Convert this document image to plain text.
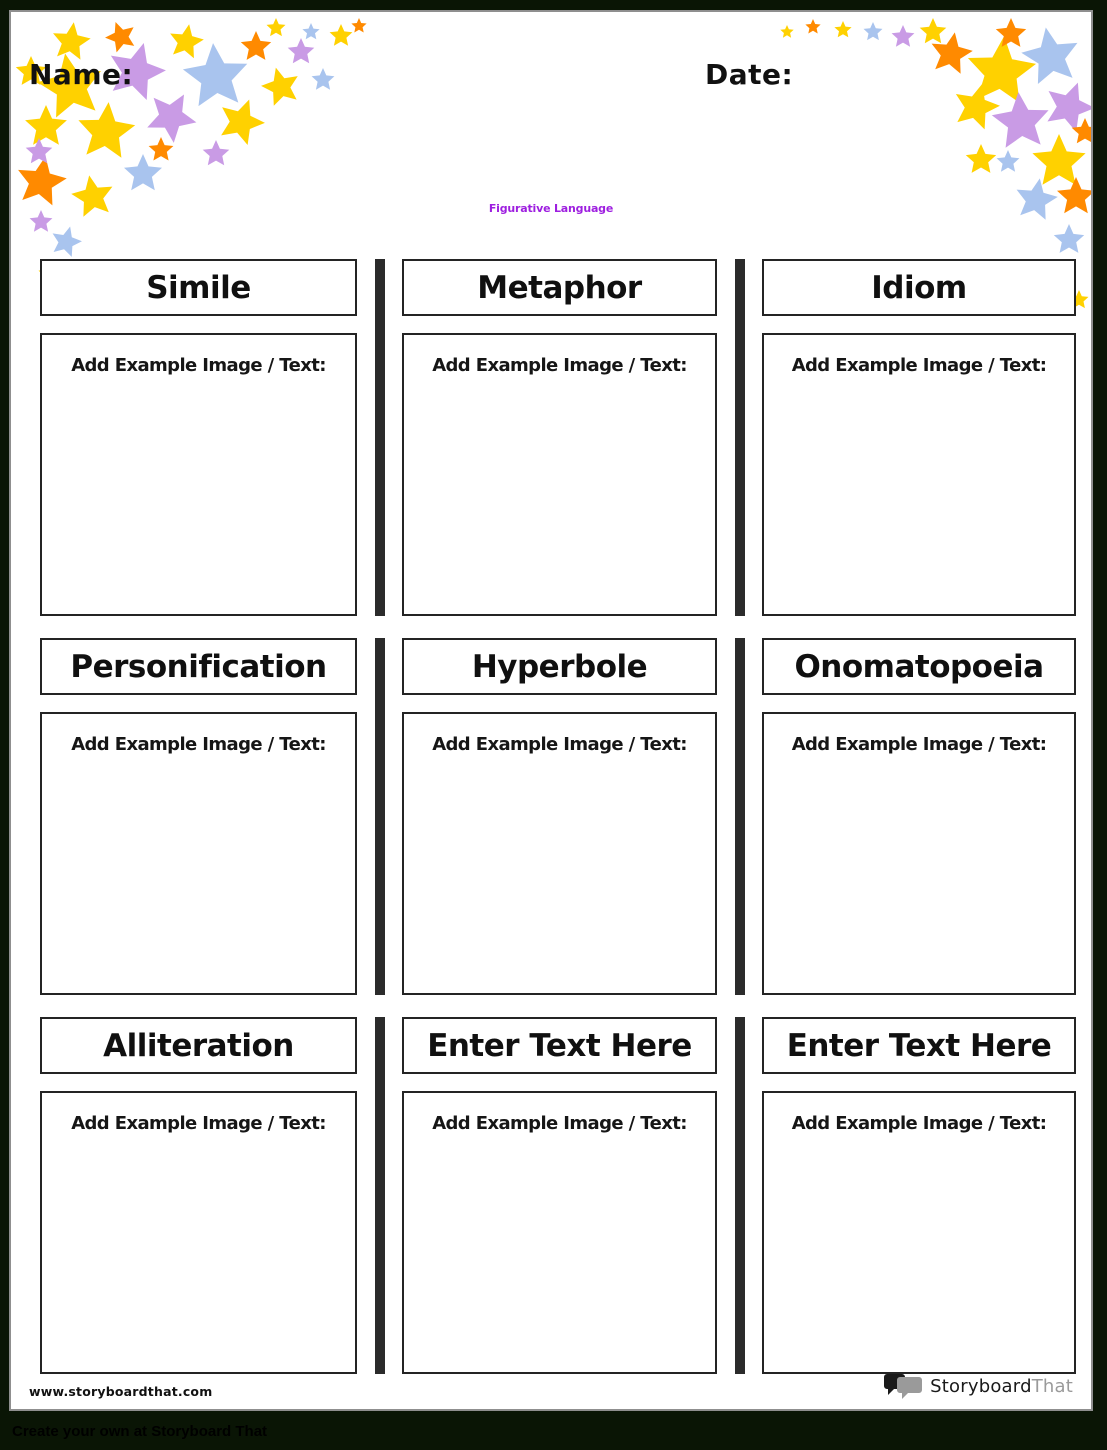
Name:	Date:
Figurative Language
Simile
Add Example Image / Text:
Metaphor
Add Example Image / Text:
Idiom
Add Example Image / Text:
Personification
Add Example Image / Text:
Hyperbole
Add Example Image / Text:
Onomatopoeia
Add Example Image / Text:
Alliteration
Add Example Image / Text:
Enter Text Here
Add Example Image / Text:
Enter Text Here
Add Example Image / Text:
www.storyboardthat.com	StoryboardThat
Create your own at Storyboard That
